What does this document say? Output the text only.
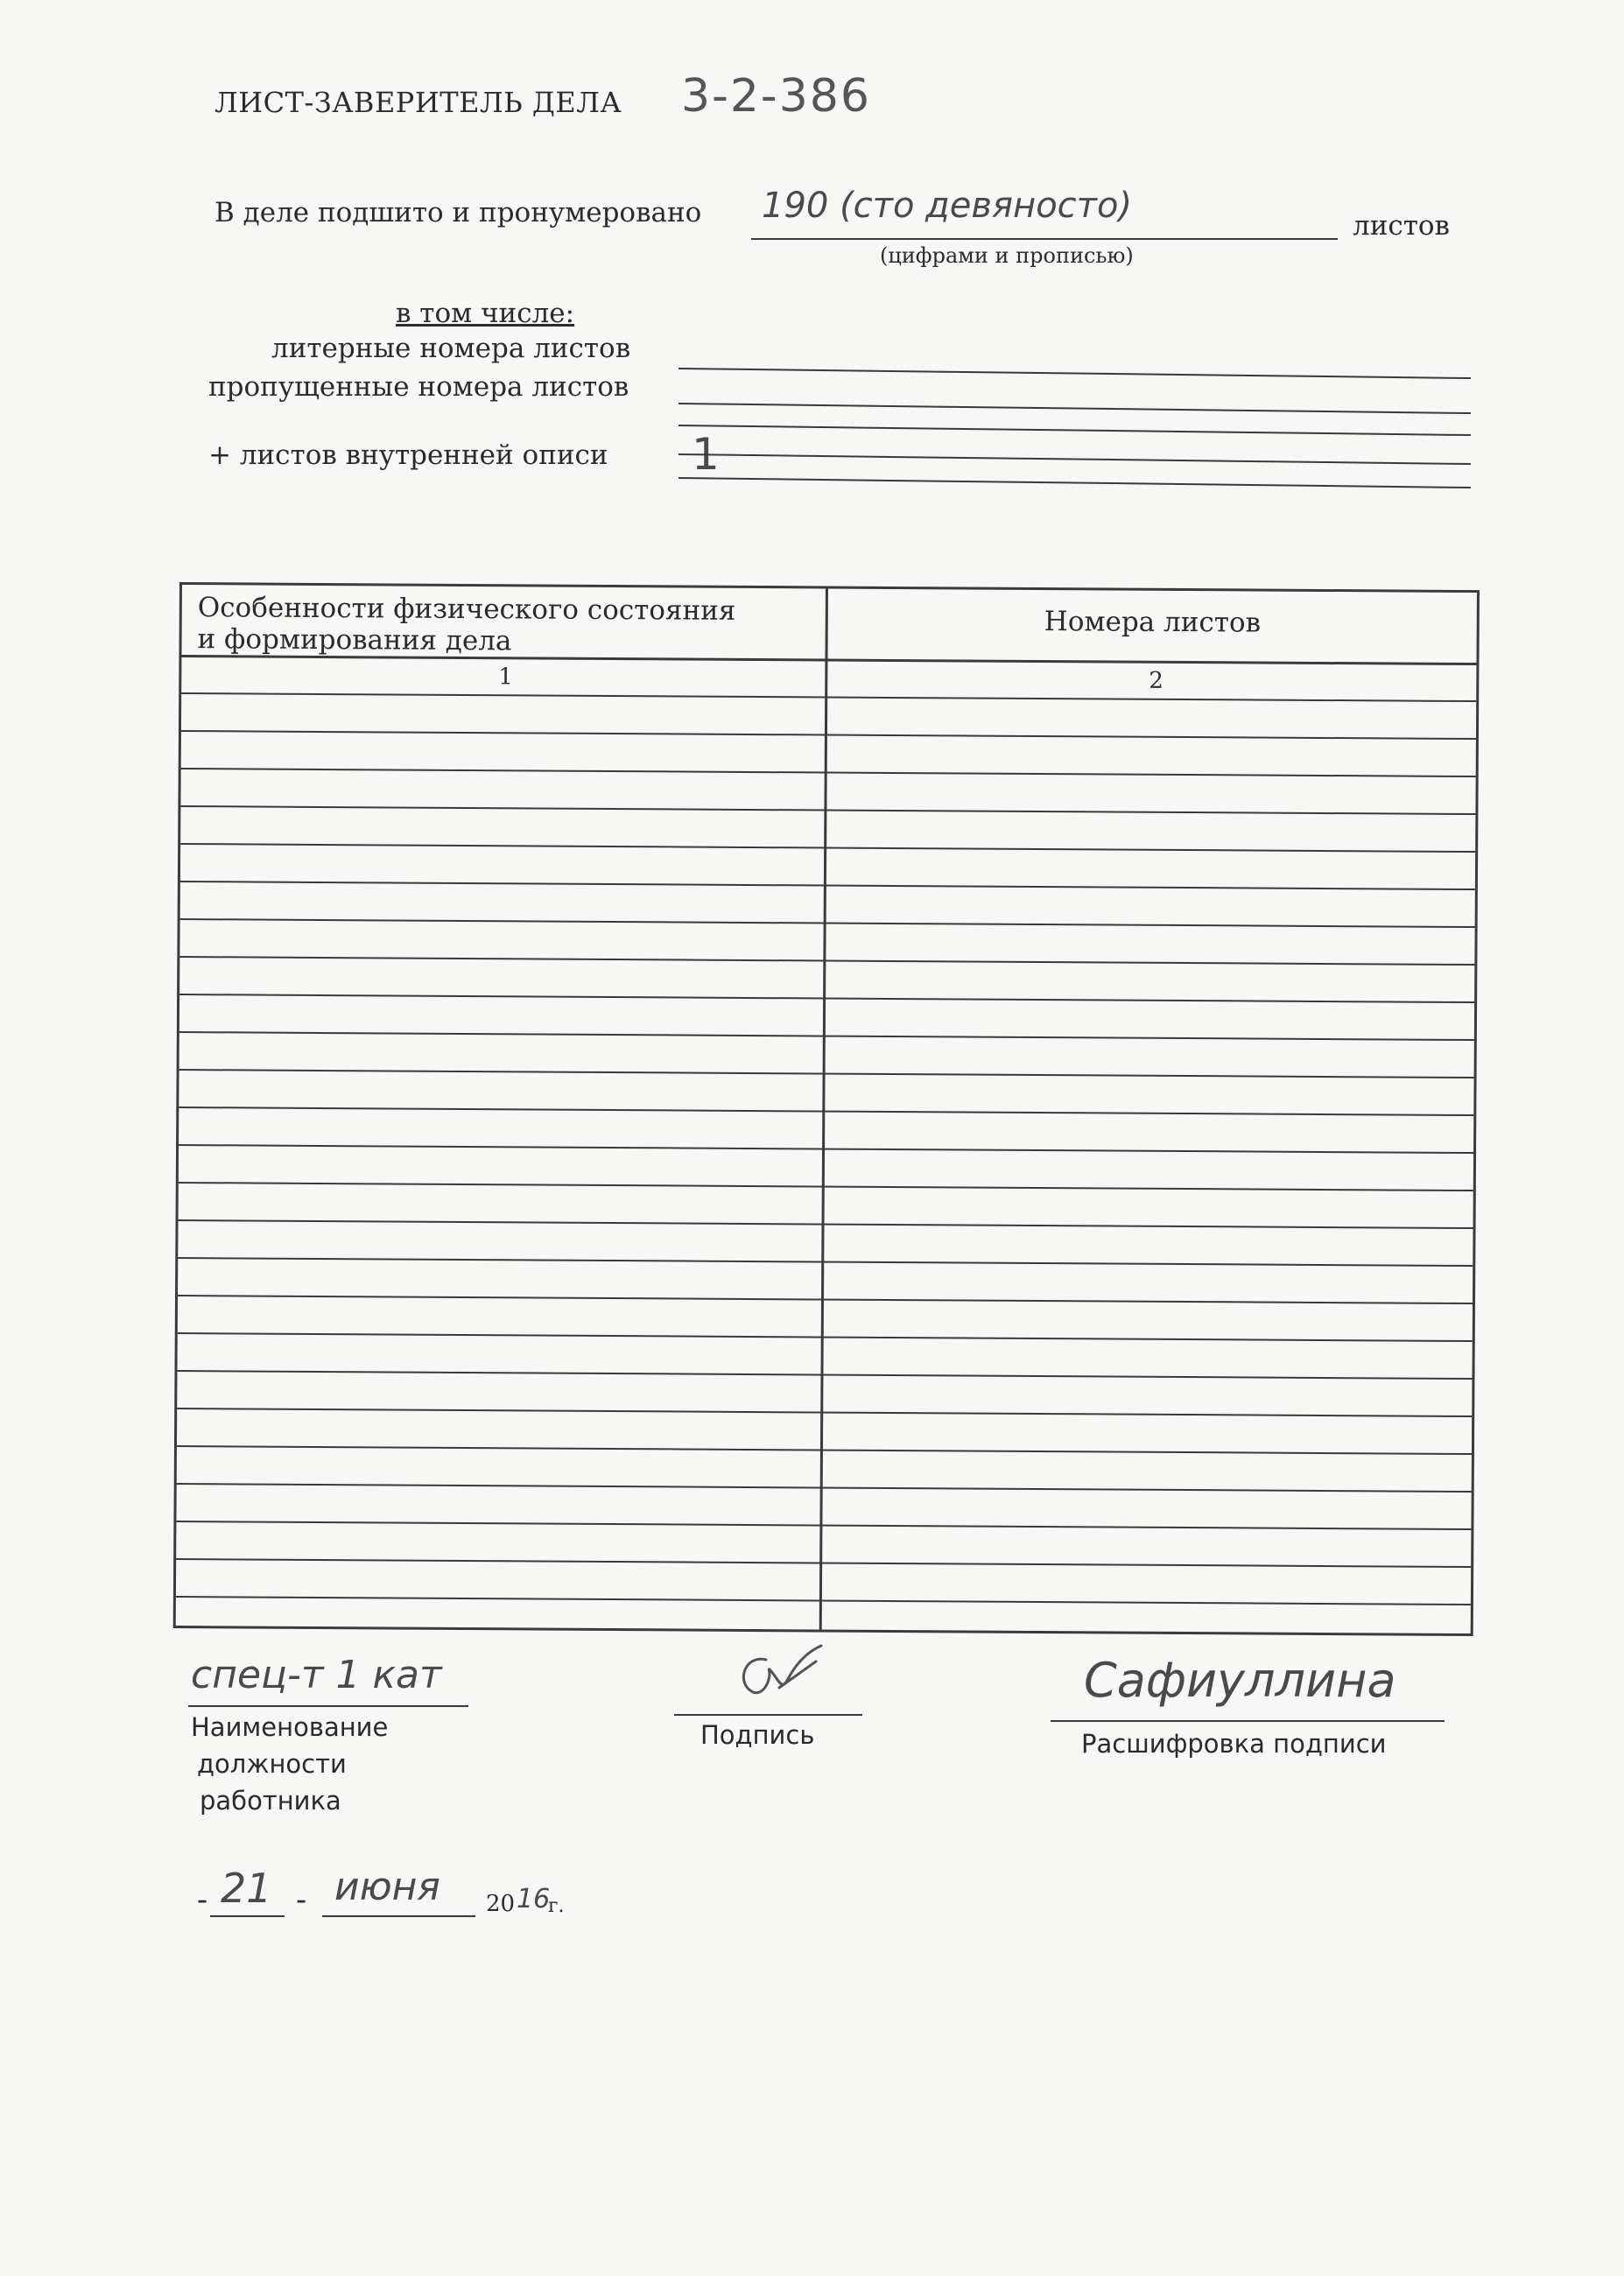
ЛИСТ-ЗАВЕРИТЕЛЬ ДЕЛА 3-2-386
В деле подшито и пронумеровано 190 (сто девяносто)	листов
(цифрами и прописью)
в том числе:
литерные номера листов
пропущенные номера листов
+ листов внутренней описи 1
Особенности физического состояния
и формирования дела
Номера листов
1	2
спец-т 1 кат
Наименование
должности
работника
Подпись
Сафиуллина
Расшифровка подписи
- 21 - июня 20 16
г.
